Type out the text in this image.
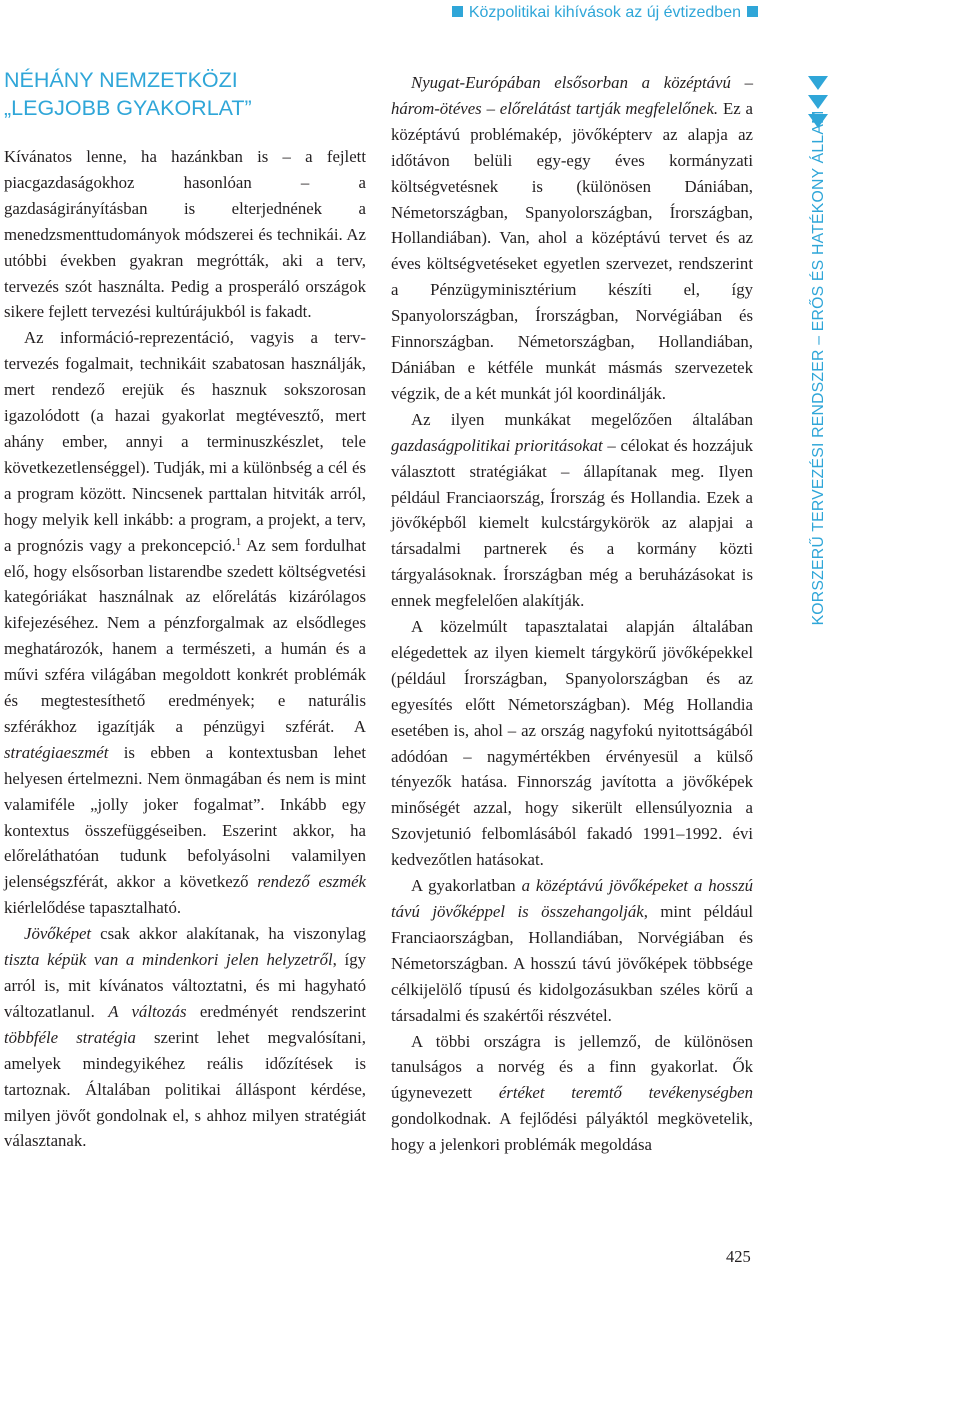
Közpolitikai kihívások az új évtizedben
NÉHÁNY NEMZETKÖZI
„LEGJOBB GYAKORLAT”

Kívánatos lenne, ha hazánkban is – a fejlett piacgazdaságokhoz hasonlóan – a gazdaságirányításban is elterjednének a menedzsmenttudományok módszerei és technikái. Az utóbbi években gyakran megrótták, aki a terv, tervezés szót használta. Pedig a prosperáló országok sikere fejlett tervezési kultúrájukból is fakadt.

Az információ-reprezentáció, vagyis a terv-tervezés fogalmait, technikáit szabatosan használják, mert rendező erejük és hasznuk sokszorosan igazolódott (a hazai gyakorlat megtévesztő, mert ahány ember, annyi a terminuszkészlet, tele következetlenséggel). Tudják, mi a különbség a cél és a program között. Nincsenek parttalan hitviták arról, hogy melyik kell inkább: a program, a projekt, a terv, a prognózis vagy a prekoncepció.$^1$ Az sem fordulhat elő, hogy elsősorban listarendbe szedett költségvetési kategóriákat használnak az előrelátás kizárólagos kifejezéséhez. Nem a pénzforgalmak az elsődleges meghatározók, hanem a természeti, a humán és a művi szféra világában megoldott konkrét problémák és megtestesíthető eredmények; e naturális szférákhoz igazítják a pénzügyi szférát. A stratégiaeszmét is ebben a kontextusban lehet helyesen értelmezni. Nem önmagában és nem is mint valamiféle „jolly joker fogalmat”. Inkább egy kontextus összefüggéseiben. Eszerint akkor, ha előreláthatóan tudunk befolyásolni valamilyen jelenségszférát, akkor a következő rendező eszmék kiérlelődése tapasztalható.

Jövőképet csak akkor alakítanak, ha viszonylag tiszta képük van a mindenkori jelen helyzetről, így arról is, mit kívánatos változtatni, és mi hagyható változatlanul. A változás eredményét rendszerint többféle stratégia szerint lehet megvalósítani, amelyek mindegyikéhez reális időzítések is tartoznak. Általában politikai álláspont kérdése, milyen jövőt gondolnak el, s ahhoz milyen stratégiát választanak.

Nyugat-Európában elsősorban a középtávú – három-ötéves – előrelátást tartják megfelelőnek. Ez a középtávú problémakép, jövőképterv az alapja az időtávon belüli egy-egy éves kormányzati költségvetésnek is (különösen Dániában, Németországban, Spanyolországban, Írországban, Hollandiában). Van, ahol a középtávú tervet és az éves költségvetéseket egyetlen szervezet, rendszerint a Pénzügyminisztérium készíti el, így Spanyolországban, Írországban, Norvégiában és Finnországban. Németországban, Hollandiában, Dániában e kétféle munkát másmás szervezetek végzik, de a két munkát jól koordinálják.

Az ilyen munkákat megelőzően általában gazdaságpolitikai prioritásokat – célokat és hozzájuk választott stratégiákat – állapítanak meg. Ilyen például Franciaország, Írország és Hollandia. Ezek a jövőképből kiemelt kulcstárgykörök az alapjai a társadalmi partnerek és a kormány közti tárgyalásoknak. Írországban még a beruházásokat is ennek megfelelően alakítják.

A közelmúlt tapasztalatai alapján általában elégedettek az ilyen kiemelt tárgykörű jövőképekkel (például Írországban, Spanyolországban és az egyesítés előtt Németországban). Még Hollandia esetében is, ahol – az ország nagyfokú nyitottságából adódóan – nagymértékben érvényesül a külső tényezők hatása. Finnország javította a jövőképek minőségét azzal, hogy sikerült ellensúlyoznia a Szovjetunió felbomlásából fakadó 1991–1992. évi kedvezőtlen hatásokat.

A gyakorlatban a középtávú jövőképeket a hosszú távú jövőképpel is összehangolják, mint például Franciaországban, Hollandiában, Norvégiában és Németországban. A hosszú távú jövőképek többsége célkijelölő típusú és kidolgozásukban széles körű a társadalmi és szakértői részvétel.

A többi országra is jellemző, de különösen tanulságos a norvég és a finn gyakorlat. Ők úgynevezett értéket teremtő tevékenységben gondolkodnak. A fejlődési pályáktól megkövetelik, hogy a jelenkori problémák megoldása

KORSZERŰ TERVEZÉSI RENDSZER – ERŐS ÉS HATÉKONY ÁLLAM
425
